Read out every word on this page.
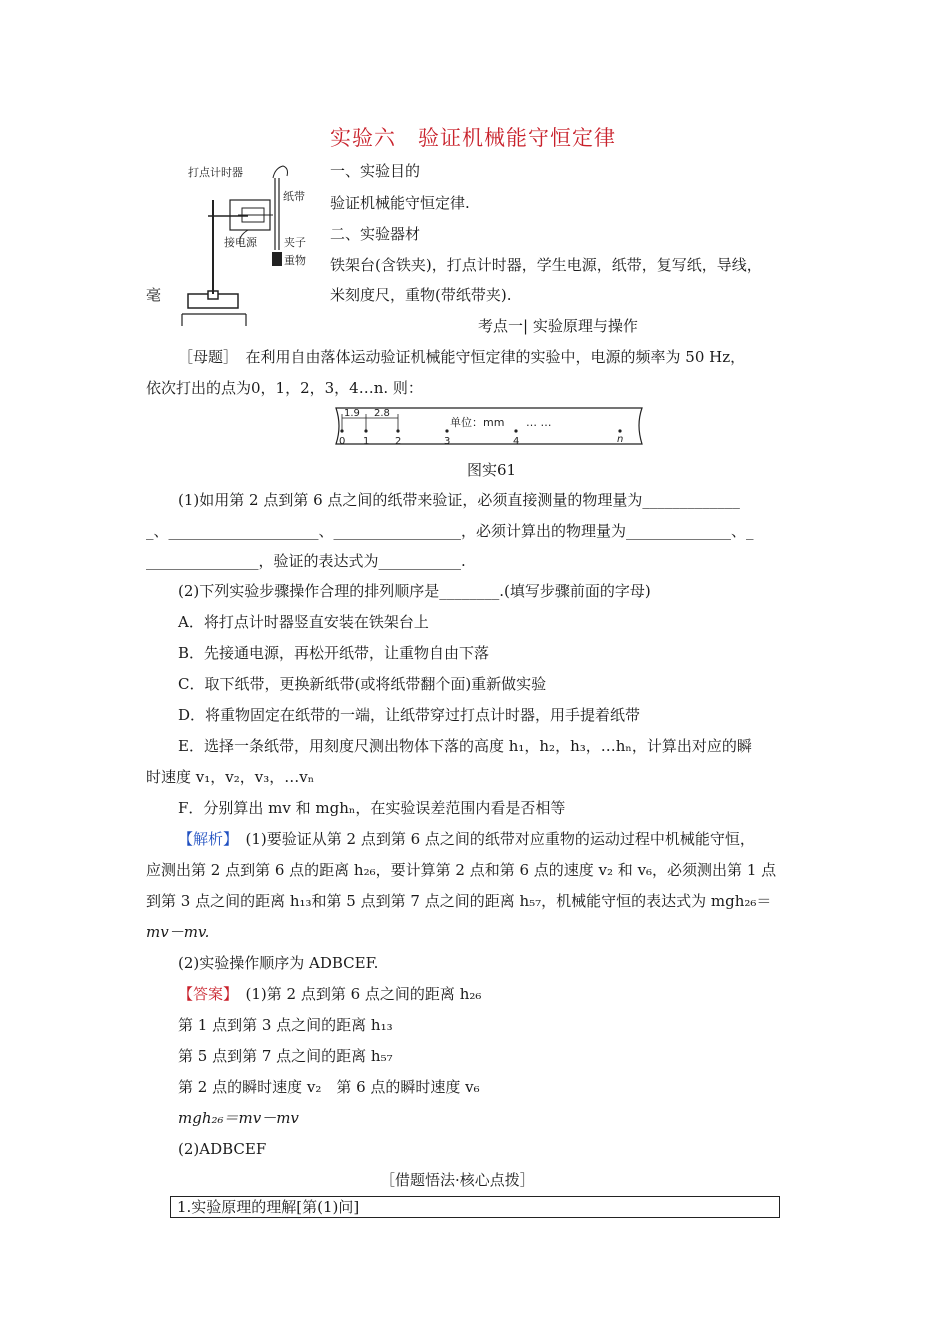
实验六　验证机械能守恒定律
打点计时器
纸带
接电源 夹子
重物
毫
一、实验目的
验证机械能守恒定律.
二、实验器材
铁架台(含铁夹)，打点计时器，学生电源，纸带，复写纸，导线，
米刻度尺，重物(带纸带夹).
考点一| 实验原理与操作
［母题］　在利用自由落体运动验证机械能守恒定律的实验中，电源的频率为 50 Hz，
依次打出的点为0，1，2，3，4…n. 则：
1.9 2.8
单位：mm … …
0 1	2	3	4	n
图实61
(1)如用第 2 点到第 6 点之间的纸带来验证，必须直接测量的物理量为_____________
_、____________________、_________________，必须计算出的物理量为______________、_
_______________，验证的表达式为___________.
(2)下列实验步骤操作合理的排列顺序是________.(填写步骤前面的字母)
A．将打点计时器竖直安装在铁架台上
B．先接通电源，再松开纸带，让重物自由下落
C．取下纸带，更换新纸带(或将纸带翻个面)重新做实验
D．将重物固定在纸带的一端，让纸带穿过打点计时器，用手提着纸带
E．选择一条纸带，用刻度尺测出物体下落的高度 h₁，h₂，h₃，…hₙ，计算出对应的瞬
时速度 v₁，v₂，v₃，…vₙ
F．分别算出 mv 和 mghₙ，在实验误差范围内看是否相等
【解析】　(1)要验证从第 2 点到第 6 点之间的纸带对应重物的运动过程中机械能守恒，
应测出第 2 点到第 6 点的距离 h₂₆，要计算第 2 点和第 6 点的速度 v₂ 和 v₆，必须测出第 1 点
到第 3 点之间的距离 h₁₃和第 5 点到第 7 点之间的距离 h₅₇，机械能守恒的表达式为 mgh₂₆＝
mv－mv.
(2)实验操作顺序为 ADBCEF.
【答案】　(1)第 2 点到第 6 点之间的距离 h₂₆
第 1 点到第 3 点之间的距离 h₁₃
第 5 点到第 7 点之间的距离 h₅₇
第 2 点的瞬时速度 v₂　第 6 点的瞬时速度 v₆
mgh₂₆＝mv－mv
(2)ADBCEF
［借题悟法·核心点拨］
1.实验原理的理解[第(1)问]
